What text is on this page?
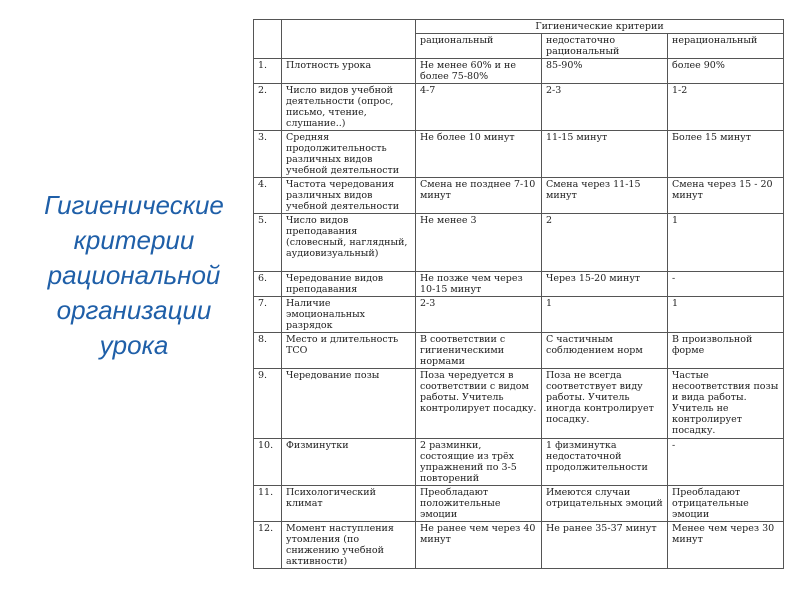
Гигиенические
критерии
рациональной
организации
урока
		Гигиенические критерии		
		рациональный	недостаточно рациональный	нерациональный
1.	Плотность урока	Не менее 60% и не более 75-80%	85-90%	более 90%
2.	Число видов учебной деятельности (опрос, письмо, чтение, слушание..)	4-7	2-3	1-2
3.	Средняя продолжительность различных видов учебной деятельности	Не более 10 минут	11-15 минут	Более 15 минут
4.	Частота чередования различных видов учебной деятельности	Смена не позднее 7-10 минут	Смена через 11-15 минут	Смена через 15 - 20 минут
5.	Число видов преподавания (словесный, наглядный, аудиовизуальный)	Не менее 3	2	1
6.	Чередование видов преподавания	Не позже чем через 10-15 минут	Через 15-20 минут	-
7.	Наличие эмоциональных разрядок	2-3	1	1
8.	Место и длительность ТСО	В соответствии с гигиеническими нормами	С частичным соблюдением норм	В произвольной форме
9.	Чередование позы	Поза чередуется в соответствии с видом работы. Учитель контролирует посадку.	Поза не всегда соответствует виду работы. Учитель иногда контролирует посадку.	Частые несоответствия позы и вида работы. Учитель не контролирует посадку.
10.	Физминутки	2 разминки, состоящие из трёх упражнений по 3-5 повторений	1 физминутка недостаточной продолжительности	-
11.	Психологический климат	Преобладают положительные эмоции	Имеются случаи отрицательных эмоций	Преобладают отрицательные эмоции
12.	Момент наступления утомления (по снижению учебной активности)	Не ранее чем через 40 минут	Не ранее 35-37 минут	Менее чем через 30 минут
